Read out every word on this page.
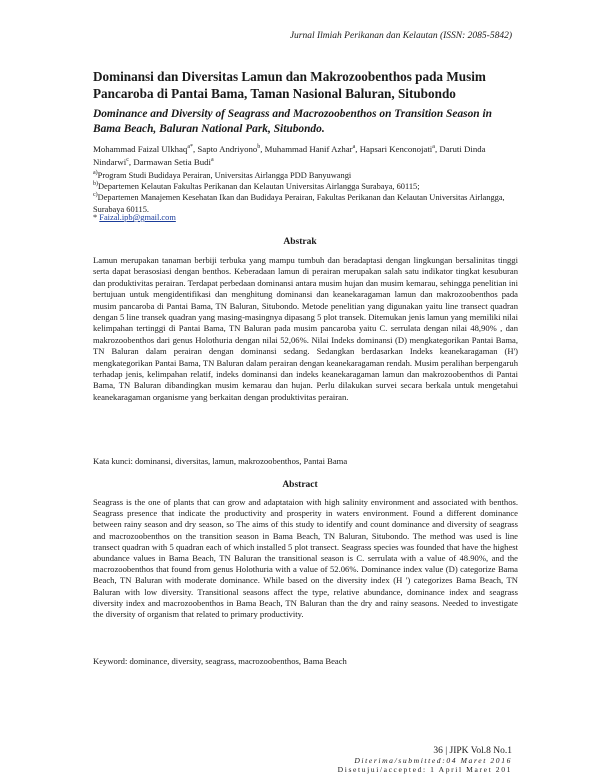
Jurnal Ilmiah Perikanan dan Kelautan (ISSN: 2085-5842)
Dominansi dan Diversitas Lamun dan Makrozoobenthos pada Musim Pancaroba di Pantai Bama, Taman Nasional Baluran, Situbondo
Dominance and Diversity of Seagrass and Macrozoobenthos on Transition Season in Bama Beach, Baluran National Park, Situbondo.
Mohammad Faizal Ulkhaq$^{a*}$, Sapto Andriyono$^b$, Muhammad Hanif Azhar$^a$, Hapsari Kenconojati$^a$, Daruti Dinda Nindarwi$^c$, Darmawan Setia Budi$^a$
$^{a)}$Program Studi Budidaya Perairan, Universitas Airlangga PDD Banyuwangi
$^{b)}$Departemen Kelautan Fakultas Perikanan dan Kelautan Universitas Airlangga Surabaya, 60115;
$^{c)}$Departemen Manajemen Kesehatan Ikan dan Budidaya Perairan, Fakultas Perikanan dan Kelautan Universitas Airlangga, Surabaya 60115.
* Faizal.ipb@gmail.com
Abstrak
Lamun merupakan tanaman berbiji terbuka yang mampu tumbuh dan beradaptasi dengan lingkungan bersalinitas tinggi serta dapat berasosiasi dengan benthos. Keberadaan lamun di perairan merupakan salah satu indikator tingkat kesuburan dan produktivitas perairan. Terdapat perbedaan dominansi antara musim hujan dan musim kemarau, sehingga penelitian ini bertujuan untuk mengidentifikasi dan menghitung dominansi dan keanekaragaman lamun dan makrozoobenthos pada musim pancaroba di Pantai Bama, TN Baluran, Situbondo. Metode penelitian yang digunakan yaitu line transect quadran dengan 5 line transek quadran yang masing-masingnya dipasang 5 plot transek. Ditemukan jenis lamun yang memiliki nilai kelimpahan tertinggi di Pantai Bama, TN Baluran pada musim pancaroba yaitu C. serrulata dengan nilai 48,90% , dan makrozoobenthos dari genus Holothuria dengan nilai 52,06%. Nilai Indeks dominansi (D) mengkategorikan Pantai Bama, TN Baluran dalam perairan dengan dominansi sedang. Sedangkan berdasarkan Indeks keanekaragaman (H') mengkategorikan Pantai Bama, TN Baluran dalam perairan dengan keanekaragaman rendah. Musim peralihan berpengaruh terhadap jenis, kelimpahan relatif, indeks dominansi dan indeks keanekaragaman lamun dan makrozoobenthos di Pantai Bama, TN Baluran dibandingkan musim kemarau dan hujan. Perlu dilakukan survei secara berkala untuk mengetahui keanekaragaman organisme yang berkaitan dengan produktivitas perairan.
Kata kunci: dominansi, diversitas, lamun, makrozoobenthos, Pantai Bama
Abstract
Seagrass is the one of plants that can grow and adaptataion with high salinity environment and associated with benthos. Seagrass presence that indicate the productivity and prosperity in waters environment. Found a different dominance between rainy season and dry season, so The aims of this study to identify and count dominance and diversity of seagrass and macrozoobenthos on the transition season in Bama Beach, TN Baluran, Situbondo. The method was used is line transect quadran with 5 quadran each of which installed 5 plot transect. Seagrass species was founded that have the highest abundance values in Bama Beach, TN Baluran the transitional season is C. serrulata with a value of 48.90%, and the macrozoobenthos that found from genus Holothuria with a value of 52.06%. Dominance index value (D) categorize Bama Beach, TN Baluran with moderate dominance. While based on the diversity index (H ') categorizes Bama Beach, TN Baluran with low diversity. Transitional seasons affect the type, relative abundance, dominance index and seagrass diversity index and macrozoobenthos in Bama Beach, TN Baluran than the dry and rainy seasons. Needed to investigate the diversity of organism that related to primary productivity.
Keyword: dominance, diversity, seagrass, macrozoobenthos, Bama Beach
36 | JIPK Vol.8 No.1
Diterima/submitted:04 Maret 2016
Disetujui/accepted: 1 April Maret 201
